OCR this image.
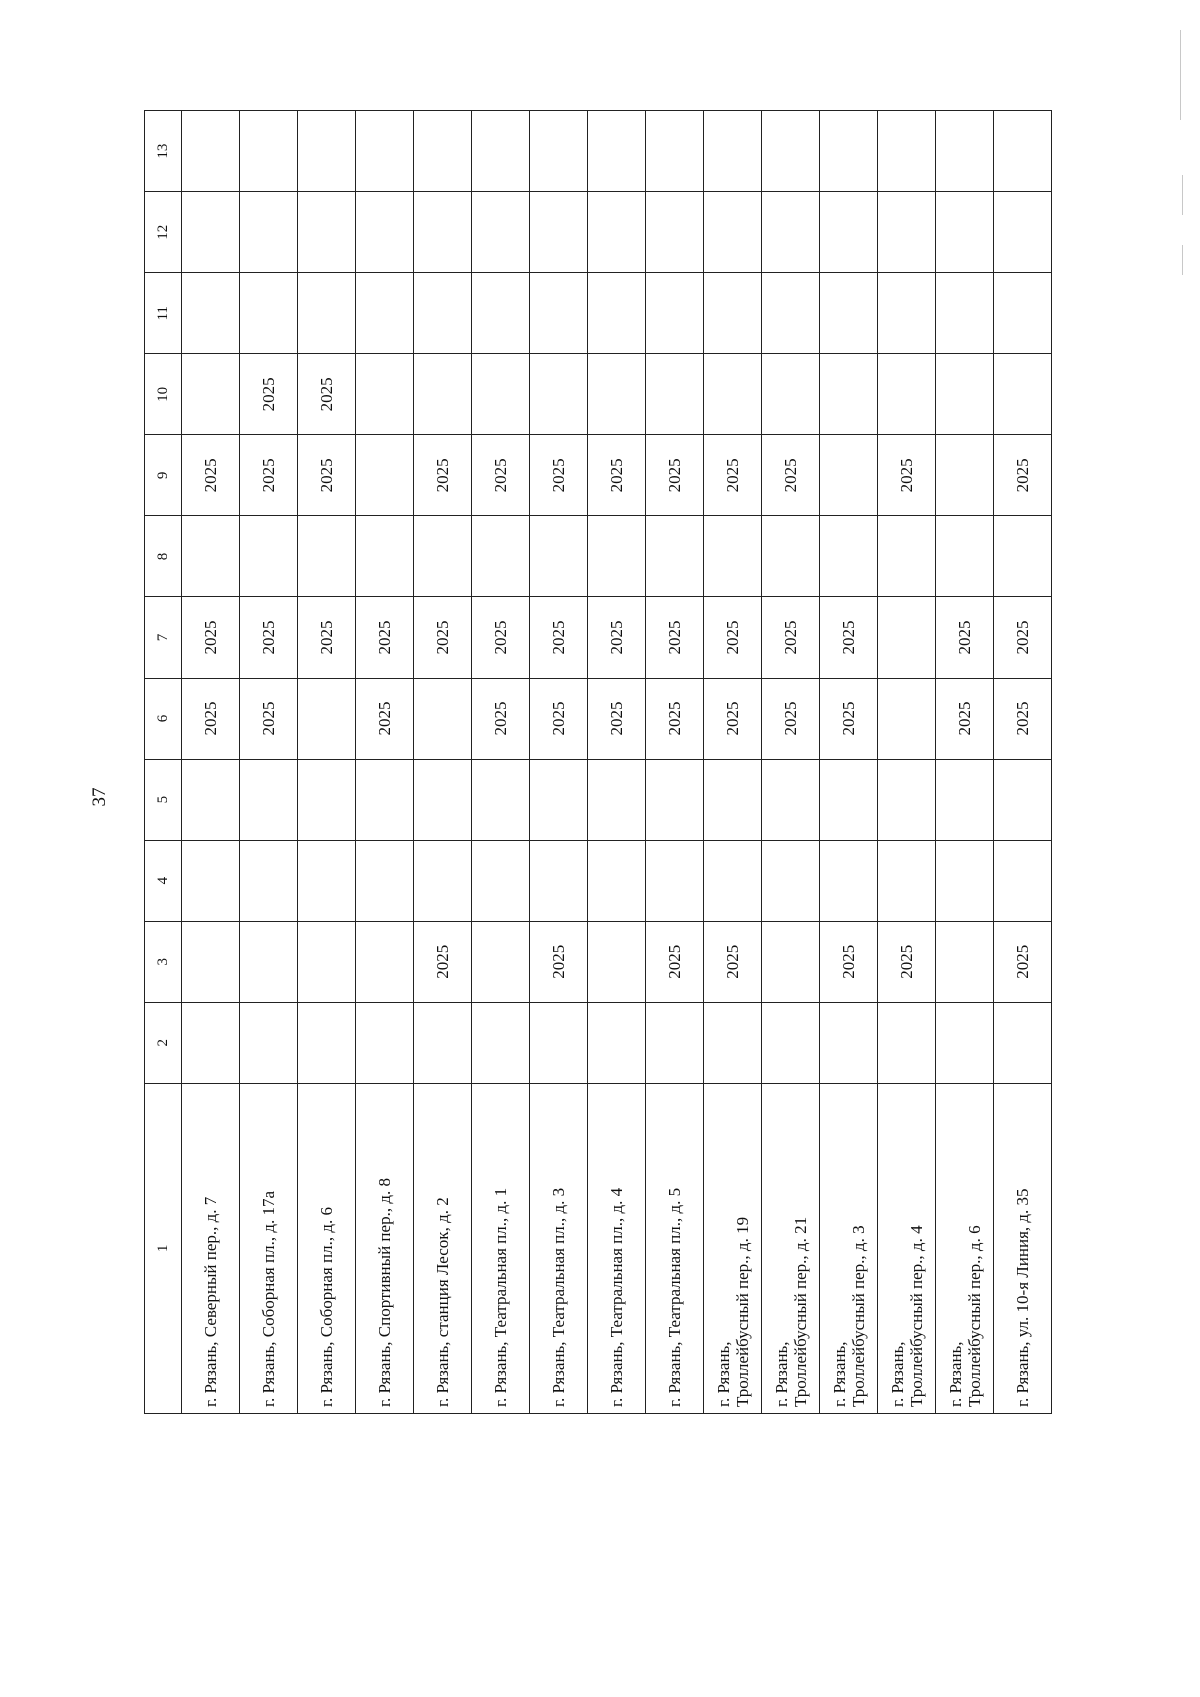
37
1	2	3	4	5	6	7	8	9	10	11	12	13
г. Рязань, Северный пер., д. 7					2025	2025		2025				
г. Рязань, Соборная пл., д. 17а					2025	2025		2025	2025			
г. Рязань, Соборная пл., д. 6						2025		2025	2025			
г. Рязань, Спортивный пер., д. 8					2025	2025						
г. Рязань, станция Лесок, д. 2		2025				2025		2025				
г. Рязань, Театральная пл., д. 1					2025	2025		2025				
г. Рязань, Театральная пл., д. 3		2025			2025	2025		2025				
г. Рязань, Театральная пл., д. 4					2025	2025		2025				
г. Рязань, Театральная пл., д. 5		2025			2025	2025		2025				
г. Рязань,
Троллейбусный пер., д. 19		2025			2025	2025		2025				
г. Рязань,
Троллейбусный пер., д. 21					2025	2025		2025				
г. Рязань,
Троллейбусный пер., д. 3		2025			2025	2025						
г. Рязань,
Троллейбусный пер., д. 4		2025						2025				
г. Рязань,
Троллейбусный пер., д. 6					2025	2025						
г. Рязань, ул. 10-я Линия, д. 35		2025			2025	2025		2025				
